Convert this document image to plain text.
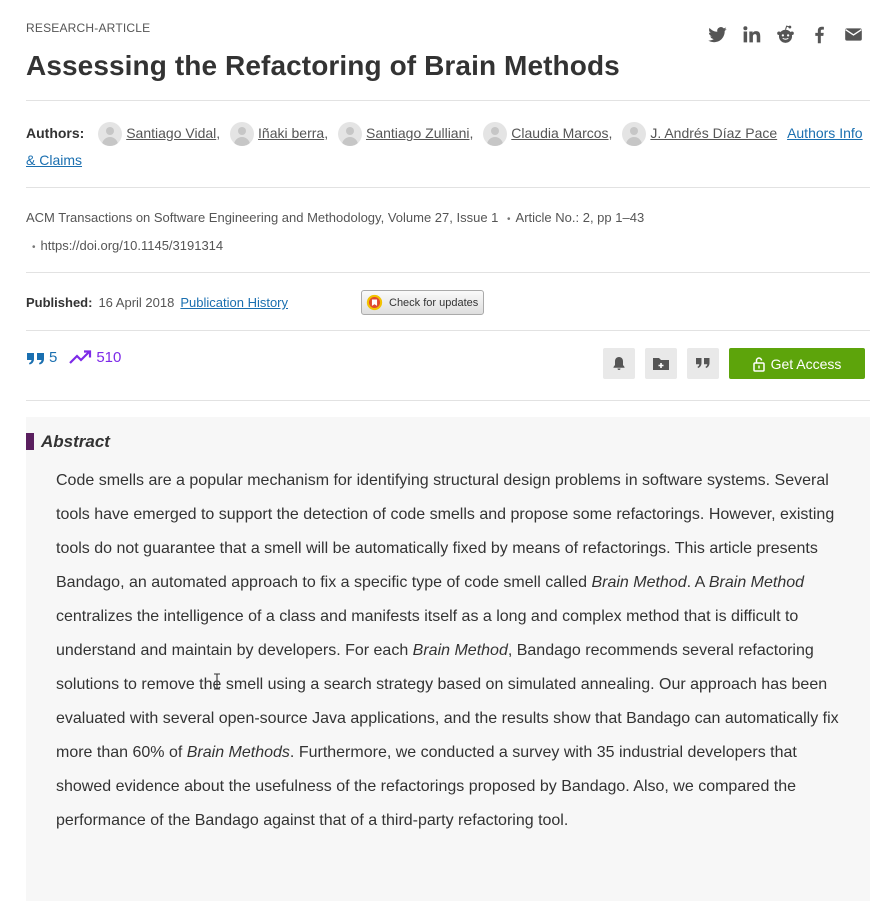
RESEARCH-ARTICLE
Assessing the Refactoring of Brain Methods
Authors:	Santiago Vidal,	Iñaki berra,	Santiago Zulliani,	Claudia Marcos,	J. Andrés Díaz Pace Authors Info & Claims
ACM Transactions on Software Engineering and Methodology, Volume 27, Issue 1 • Article No.: 2, pp 1–43
• https://doi.org/10.1145/3191314
Published: 16 April 2018 Publication History	Check for updates
5	510	Get Access
Abstract
Code smells are a popular mechanism for identifying structural design problems in software systems. Several tools have emerged to support the detection of code smells and propose some refactorings. However, existing tools do not guarantee that a smell will be automatically fixed by means of refactorings. This article presents Bandago, an automated approach to fix a specific type of code smell called Brain Method. A Brain Method centralizes the intelligence of a class and manifests itself as a long and complex method that is difficult to understand and maintain by developers. For each Brain Method, Bandago recommends several refactoring solutions to remove the smell using a search strategy based on simulated annealing. Our approach has been evaluated with several open-source Java applications, and the results show that Bandago can automatically fix more than 60% of Brain Methods. Furthermore, we conducted a survey with 35 industrial developers that showed evidence about the usefulness of the refactorings proposed by Bandago. Also, we compared the performance of the Bandago against that of a third-party refactoring tool.
